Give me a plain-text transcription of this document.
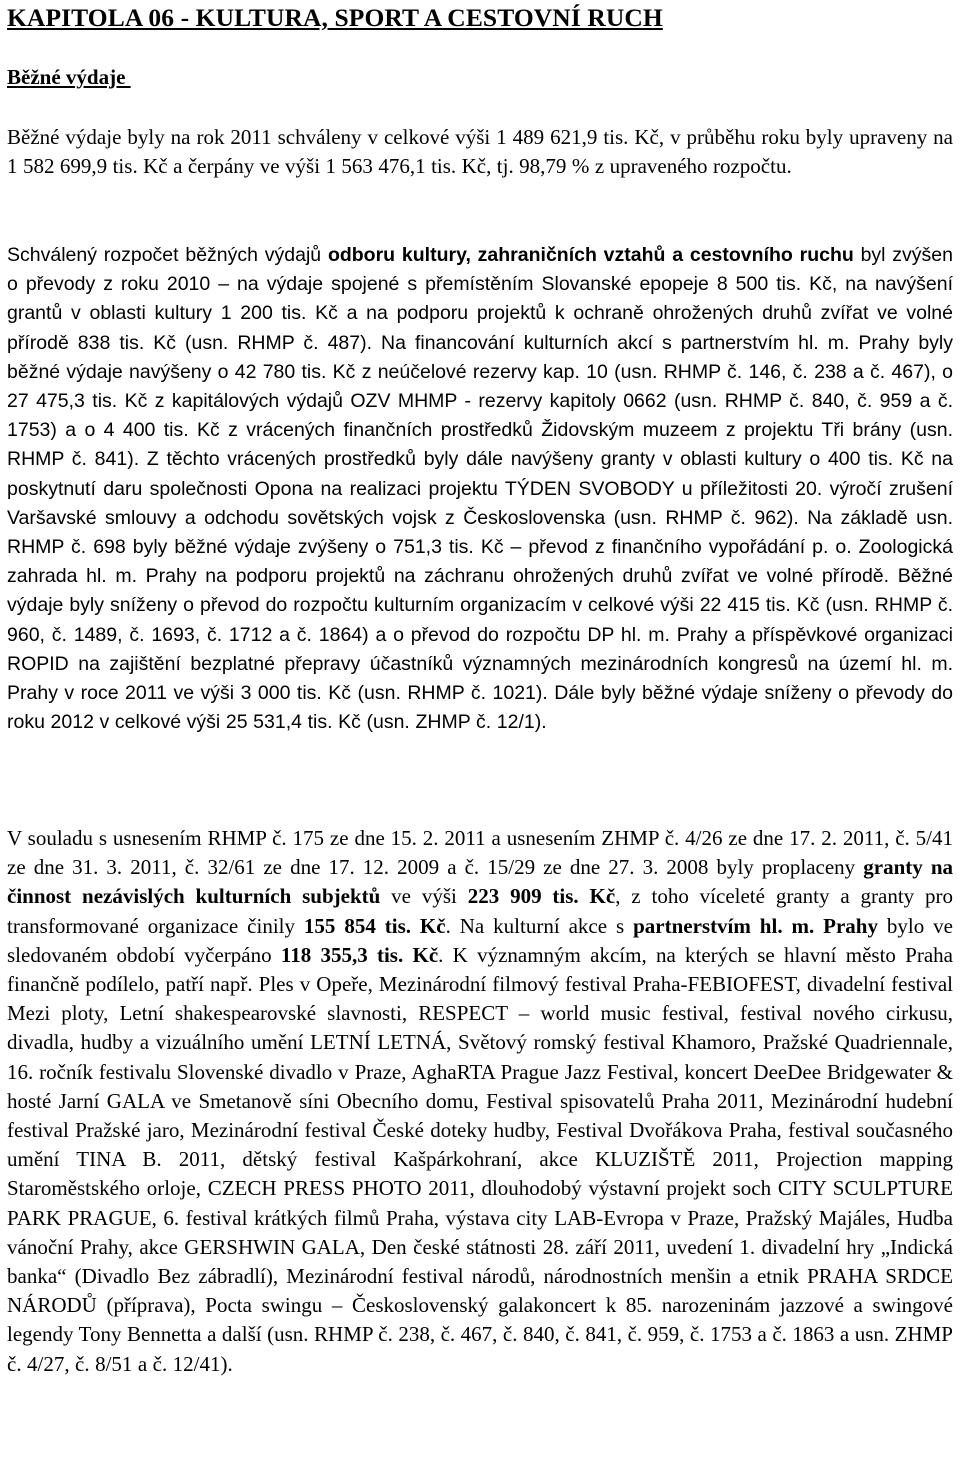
KAPITOLA 06 - KULTURA, SPORT A CESTOVNÍ RUCH
Běžné výdaje

Běžné výdaje byly na rok 2011 schváleny v celkové výši 1 489 621,9 tis. Kč, v průběhu roku byly upraveny na 1 582 699,9 tis. Kč a čerpány ve výši 1 563 476,1 tis. Kč, tj. 98,79 % z upraveného rozpočtu.

Schválený rozpočet běžných výdajů odboru kultury, zahraničních vztahů a cestovního ruchu byl zvýšen o převody z roku 2010 – na výdaje spojené s přemístěním Slovanské epopeje 8 500 tis. Kč, na navýšení grantů v oblasti kultury 1 200 tis. Kč a na podporu projektů k ochraně ohrožených druhů zvířat ve volné přírodě 838 tis. Kč (usn. RHMP č. 487). Na financování kulturních akcí s partnerstvím hl. m. Prahy byly běžné výdaje navýšeny o 42 780 tis. Kč z neúčelové rezervy kap. 10 (usn. RHMP č. 146, č. 238 a č. 467), o 27 475,3 tis. Kč z kapitálových výdajů OZV MHMP - rezervy kapitoly 0662 (usn. RHMP č. 840, č. 959 a č. 1753) a o 4 400 tis. Kč z vrácených finančních prostředků Židovským muzeem z projektu Tři brány (usn. RHMP č. 841). Z těchto vrácených prostředků byly dále navýšeny granty v oblasti kultury o 400 tis. Kč na poskytnutí daru společnosti Opona na realizaci projektu TÝDEN SVOBODY u příležitosti 20. výročí zrušení Varšavské smlouvy a odchodu sovětských vojsk z Československa (usn. RHMP č. 962). Na základě usn. RHMP č. 698 byly běžné výdaje zvýšeny o 751,3 tis. Kč – převod z finančního vypořádání p. o. Zoologická zahrada hl. m. Prahy na podporu projektů na záchranu ohrožených druhů zvířat ve volné přírodě. Běžné výdaje byly sníženy o převod do rozpočtu kulturním organizacím v celkové výši 22 415 tis. Kč (usn. RHMP č. 960, č. 1489, č. 1693, č. 1712 a č. 1864) a o převod do rozpočtu DP hl. m. Prahy a příspěvkové organizaci ROPID na zajištění bezplatné přepravy účastníků významných mezinárodních kongresů na území hl. m. Prahy v roce 2011 ve výši 3 000 tis. Kč (usn. RHMP č. 1021). Dále byly běžné výdaje sníženy o převody do roku 2012 v celkové výši 25 531,4 tis. Kč (usn. ZHMP č. 12/1).

V souladu s usnesením RHMP č. 175 ze dne 15. 2. 2011 a usnesením ZHMP č. 4/26 ze dne 17. 2. 2011, č. 5/41 ze dne 31. 3. 2011, č. 32/61 ze dne 17. 12. 2009 a č. 15/29 ze dne 27. 3. 2008 byly proplaceny granty na činnost nezávislých kulturních subjektů ve výši 223 909 tis. Kč, z toho víceleté granty a granty pro transformované organizace činily 155 854 tis. Kč. Na kulturní akce s partnerstvím hl. m. Prahy bylo ve sledovaném období vyčerpáno 118 355,3 tis. Kč. K významným akcím, na kterých se hlavní město Praha finančně podílelo, patří např. Ples v Opeře, Mezinárodní filmový festival Praha-FEBIOFEST, divadelní festival Mezi ploty, Letní shakespearovské slavnosti, RESPECT – world music festival, festival nového cirkusu, divadla, hudby a vizuálního umění LETNÍ LETNÁ, Světový romský festival Khamoro, Pražské Quadriennale, 16. ročník festivalu Slovenské divadlo v Praze, AghaRTA Prague Jazz Festival, koncert DeeDee Bridgewater & hosté Jarní GALA ve Smetanově síni Obecního domu, Festival spisovatelů Praha 2011, Mezinárodní hudební festival Pražské jaro, Mezinárodní festival České doteky hudby, Festival Dvořákova Praha, festival současného umění TINA B. 2011, dětský festival Kašpárkohraní, akce KLUZIŠTĚ 2011, Projection mapping Staroměstského orloje, CZECH PRESS PHOTO 2011, dlouhodobý výstavní projekt soch CITY SCULPTURE PARK PRAGUE, 6. festival krátkých filmů Praha, výstava city LAB-Evropa v Praze, Pražský Majáles, Hudba vánoční Prahy, akce GERSHWIN GALA, Den české státnosti 28. září 2011, uvedení 1. divadelní hry „Indická banka“ (Divadlo Bez zábradlí), Mezinárodní festival národů, národnostních menšin a etnik PRAHA SRDCE NÁRODŮ (příprava), Pocta swingu – Československý galakoncert k 85. narozeninám jazzové a swingové legendy Tony Bennetta a další (usn. RHMP č. 238, č. 467, č. 840, č. 841, č. 959, č. 1753 a č. 1863 a usn. ZHMP č. 4/27, č. 8/51 a č. 12/41).
